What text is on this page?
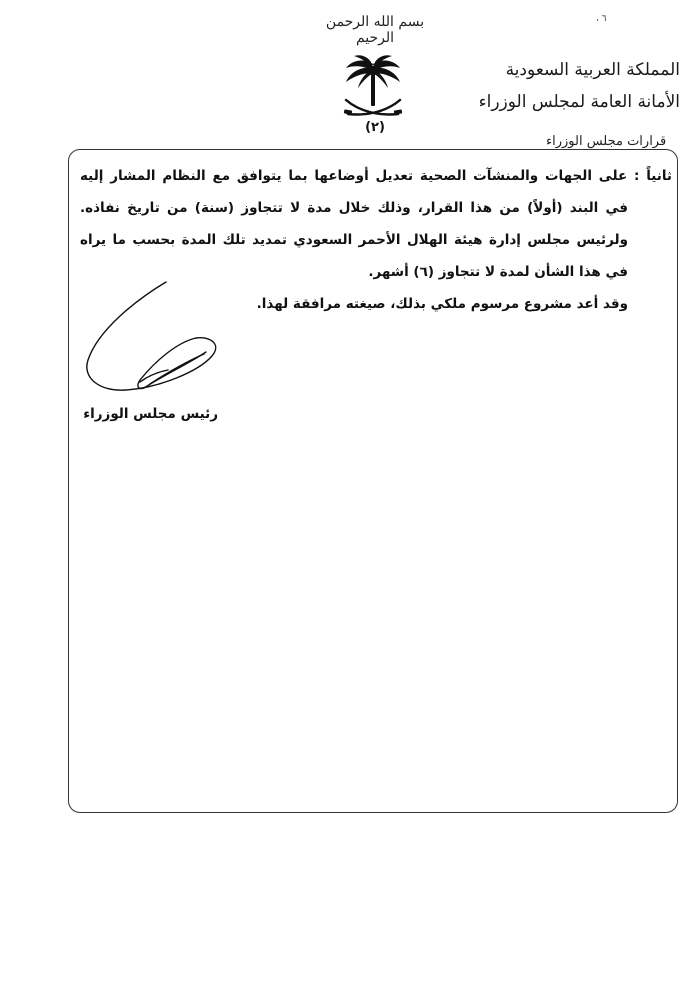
بسم الله الرحمن الرحيم
، ٦
(٢)
المملكة العربية السعودية
الأمانة العامة لمجلس الوزراء
قرارات مجلس الوزراء
ثانياً : على الجهات والمنشآت الصحية تعديل أوضاعها بما يتوافق مع النظام المشار إليه
في البند (أولاً) من هذا القرار، وذلك خلال مدة لا تتجاوز (سنة) من تاريخ نفاذه.
ولرئيس مجلس إدارة هيئة الهلال الأحمر السعودي تمديد تلك المدة بحسب ما يراه
في هذا الشأن لمدة لا تتجاوز (٦) أشهر.
وقد أعد مشروع مرسوم ملكي بذلك، صيغته مرافقة لهذا.
رئيس مجلس الوزراء
